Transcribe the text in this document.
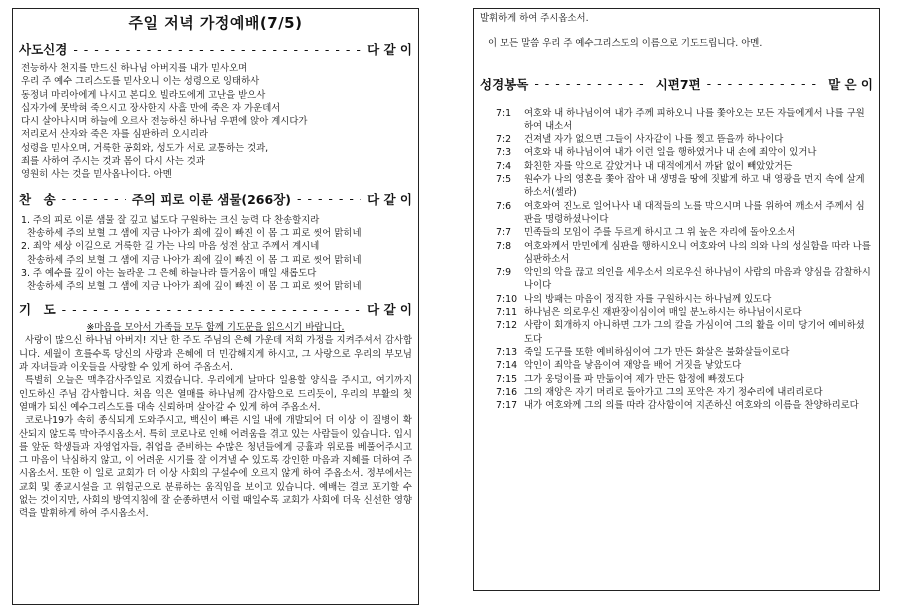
주일 저녁 가정예배(7/5)
사도신경 - - -	다 같 이
전능하사 천지를 만드신 하나님 아버지를 내가 믿사오며
우리 주 예수 그리스도를 믿사오니 이는 성령으로 잉태하사
동정녀 마리아에게 나시고 본디오 빌라도에게 고난을 받으사
십자가에 못박혀 죽으시고 장사한지 사흘 만에 죽은 자 가운데서
다시 살아나시며 하늘에 오르사 전능하신 하나님 우편에 앉아 계시다가
저리로서 산자와 죽은 자를 심판하러 오시리라
성령을 믿사오며, 거룩한 공회와, 성도가 서로 교통하는 것과,
죄를 사하여 주시는 것과 몸이 다시 사는 것과
영원히 사는 것을 믿사옵나이다. 아멘
찬　송 - - -	주의 피로 이룬 샘물(266장) - - -	다 같 이
1. 주의 피로 이룬 샘물 잘 깊고 넓도다 구원하는 크신 능력 다 찬송할지라
찬송하세 주의 보혈 그 샘에 지금 나아가 죄에 깊이 빠진 이 몸 그 피로 씻어 맑히네
2. 죄악 세상 이길으로 거룩한 길 가는 나의 마음 성전 삼고 주께서 계시네
찬송하세 주의 보혈 그 샘에 지금 나아가 죄에 깊이 빠진 이 몸 그 피로 씻어 맑히네
3. 주 예수를 깊이 아는 놀라운 그 은혜 하늘나라 뜰거움이 매일 새롭도다
찬송하세 주의 보혈 그 샘에 지금 나아가 죄에 깊이 빠진 이 몸 그 피로 씻어 맑히네
기　도 - - -	다 같 이
※마음을 모아서 가족들 모두 함께 기도문을 읽으시기 바랍니다.
사랑이 많으신 하나님 아버지! 지난 한 주도 주님의 은혜 가운데 저희 가정을 지켜주셔서 감사합니다. 세월이 흐를수록 당신의 사랑과 은혜에 더 민감해지게 하시고, 그 사랑으로 우리의 부모님과 자녀들과 이웃들을 사랑할 수 있게 하여 주옵소서.
특별히 오늘은 맥추감사주일로 지켰습니다. 우리에게 날마다 일용할 양식을 주시고, 여기까지 인도하신 주님 감사합니다. 처음 익은 열매를 하나님께 감사함으로 드리듯이, 우리의 부활의 첫 열매가 되신 예수그리스도를 대속 신뢰하며 살아갈 수 있게 하여 주옵소서.
코로나19가 속히 종식되게 도와주시고, 백신이 빠른 시일 내에 개발되어 더 이상 이 질병이 확산되지 않도록 막아주시옵소서. 특히 코로나로 인해 어려움을 겪고 있는 사람들이 있습니다. 입시를 앞둔 학생들과 자영업자들, 취업을 준비하는 수많은 청년들에게 긍휼과 위로를 베풀어주시고 그 마음이 낙심하지 않고, 이 어려운 시기를 잘 이겨낼 수 있도록 강인한 마음과 지혜를 더하여 주시옵소서. 또한 이 일로 교회가 더 이상 사회의 구설수에 오르지 않게 하여 주옵소서. 정부에서는 교회 및 종교시설을 고 위험군으로 분류하는 움직임을 보이고 있습니다. 예배는 결코 포기할 수 없는 것이지만, 사회의 방역지침에 잘 순종하면서 이럴 때일수록 교회가 사회에 더욱 신선한 영향력을 발휘하게 하여 주시옵소서.
발휘하게 하여 주시옵소서.
이 모든 말씀 우리 주 예수그리스도의 이름으로 기도드립니다. 아멘.
성경봉독 - - -	시편7편 - - -	맡 은 이
7:1	여호와 내 하나님이여 내가 주께 피하오니 나를 쫓아오는 모든 자들에게서 나를 구원하여 내소서
7:2	건져낼 자가 없으면 그들이 사자같이 나를 찢고 뜯을까 하나이다
7:3	여호와 내 하나님이여 내가 이런 일을 행하였거나 내 손에 죄악이 있거나
7:4	화친한 자를 악으로 갚았거나 내 대적에게서 까닭 없이 빼았았거든
7:5	원수가 나의 영혼을 쫓아 잡아 내 생명을 땅에 짓밟게 하고 내 영광을 먼지 속에 살게 하소서(셀라)
7:6	여호와여 진노로 일어나사 내 대적들의 노를 막으시며 나를 위하여 깨소서 주께서 심판을 명령하셨나이다
7:7	민족들의 모임이 주를 두르게 하시고 그 위 높은 자리에 돌아오소서
7:8	여호와께서 만민에게 심판을 행하시오니 여호와여 나의 의와 나의 성실함을 따라 나를 심판하소서
7:9	악인의 악을 끊고 의인을 세우소서 의로우신 하나님이 사람의 마음과 양심을 감찰하시나이다
7:10 나의 방패는 마음이 정직한 자를 구원하시는 하나님께 있도다
7:11 하나님은 의로우신 재판장이심이여 매일 분노하시는 하나님이시로다
7:12 사람이 회개하지 아니하면 그가 그의 칼을 가심이여 그의 활을 이미 당기어 예비하셨도다
7:13 죽일 도구를 또한 예비하심이여 그가 만든 화살은 불화살들이로다
7:14 악인이 죄악을 낳음이여 재앙을 배어 거짓을 낳았도다
7:15 그가 웅덩이를 파 만듦이여 제가 만든 함정에 빠졌도다
7:16 그의 재앙은 자기 머리로 돌아가고 그의 포악은 자기 정수리에 내리리로다
7:17 내가 여호와께 그의 의를 따라 감사함이여 지존하신 여호와의 이름을 찬양하리로다
